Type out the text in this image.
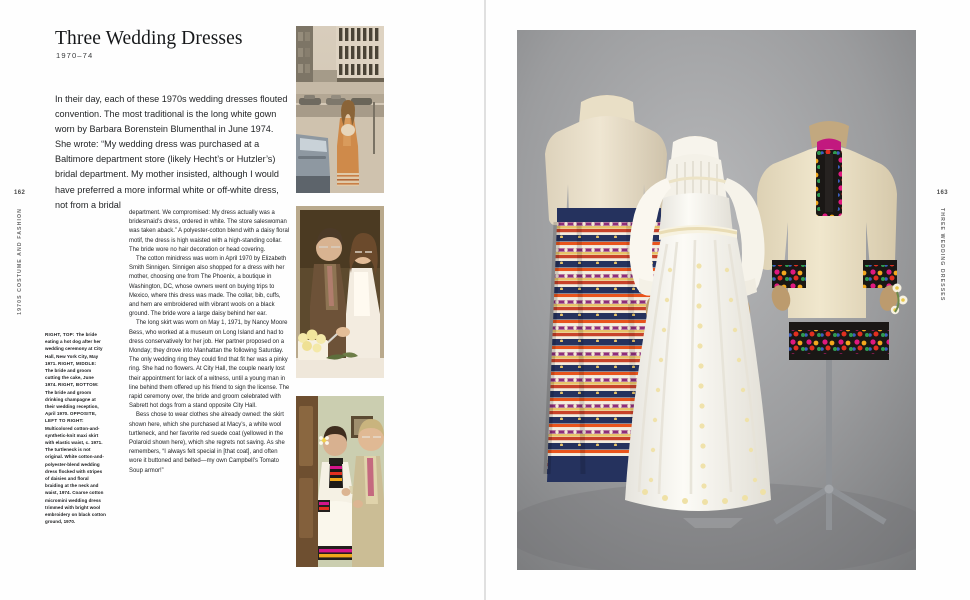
162
1970S COSTUME AND FASHION
Three Wedding Dresses
1970–74
In their day, each of these 1970s wedding dresses flouted convention. The most traditional is the long white gown worn by Barbara Borenstein Blumenthal in June 1974. She wrote: “My wedding dress was purchased at a Baltimore department store (likely Hecht’s or Hutzler’s) bridal department. My mother insisted, although I would have preferred a more informal white or off-white dress, not from a bridal
RIGHT, TOP: The bride eating a hot dog after her wedding ceremony at City Hall, New York City, May 1971. RIGHT, MIDDLE: The bride and groom cutting the cake, June 1974. RIGHT, BOTTOM: The bride and groom drinking champagne at their wedding reception, April 1970. OPPOSITE, LEFT TO RIGHT: Multicolored cotton-and-synthetic-knit maxi skirt with elastic waist, c. 1971. The turtleneck is not original. White cotton-and-polyester-blend wedding dress flocked with stripes of daisies and floral braiding at the neck and waist, 1974. Coarse cotton microminì wedding dress trimmed with bright wool embroidery on black cotton ground, 1970.

department. We compromised: My dress actually was a bridesmaid’s dress, ordered in white. The store saleswoman was taken aback.” A polyester-cotton blend with a daisy floral motif, the dress is high waisted with a high-standing collar. The bride wore no hair decoration or head covering.

The cotton minidress was worn in April 1970 by Elizabeth Smith Sinnigen. Sinnigen also shopped for a dress with her mother, choosing one from The Phoenix, a boutique in Washington, DC, whose owners went on buying trips to Mexico, where this dress was made. The collar, bib, cuffs, and hem are embroidered with vibrant wools on a black ground. The bride wore a large daisy behind her ear.

The long skirt was worn on May 1, 1971, by Nancy Moore Bess, who worked at a museum on Long Island and had to dress conservatively for her job. Her partner proposed on a Monday; they drove into Manhattan the following Saturday. The only wedding ring they could find that fit her was a pinky ring. She had no flowers. At City Hall, the couple nearly lost their appointment for lack of a witness, until a young man in line behind them offered up his friend to sign the license. The rapid ceremony over, the bride and groom celebrated with Sabrett hot dogs from a stand opposite City Hall.

Bess chose to wear clothes she already owned: the skirt shown here, which she purchased at Macy’s, a white wool turtleneck, and her favorite red suede coat (yellowed in the Polaroid shown here), which she regrets not saving. As she remembers, “I always felt special in [that coat], and often wore it buttoned and belted—my own Campbell’s Tomato Soup armor!”

163
THREE WEDDING DRESSES
